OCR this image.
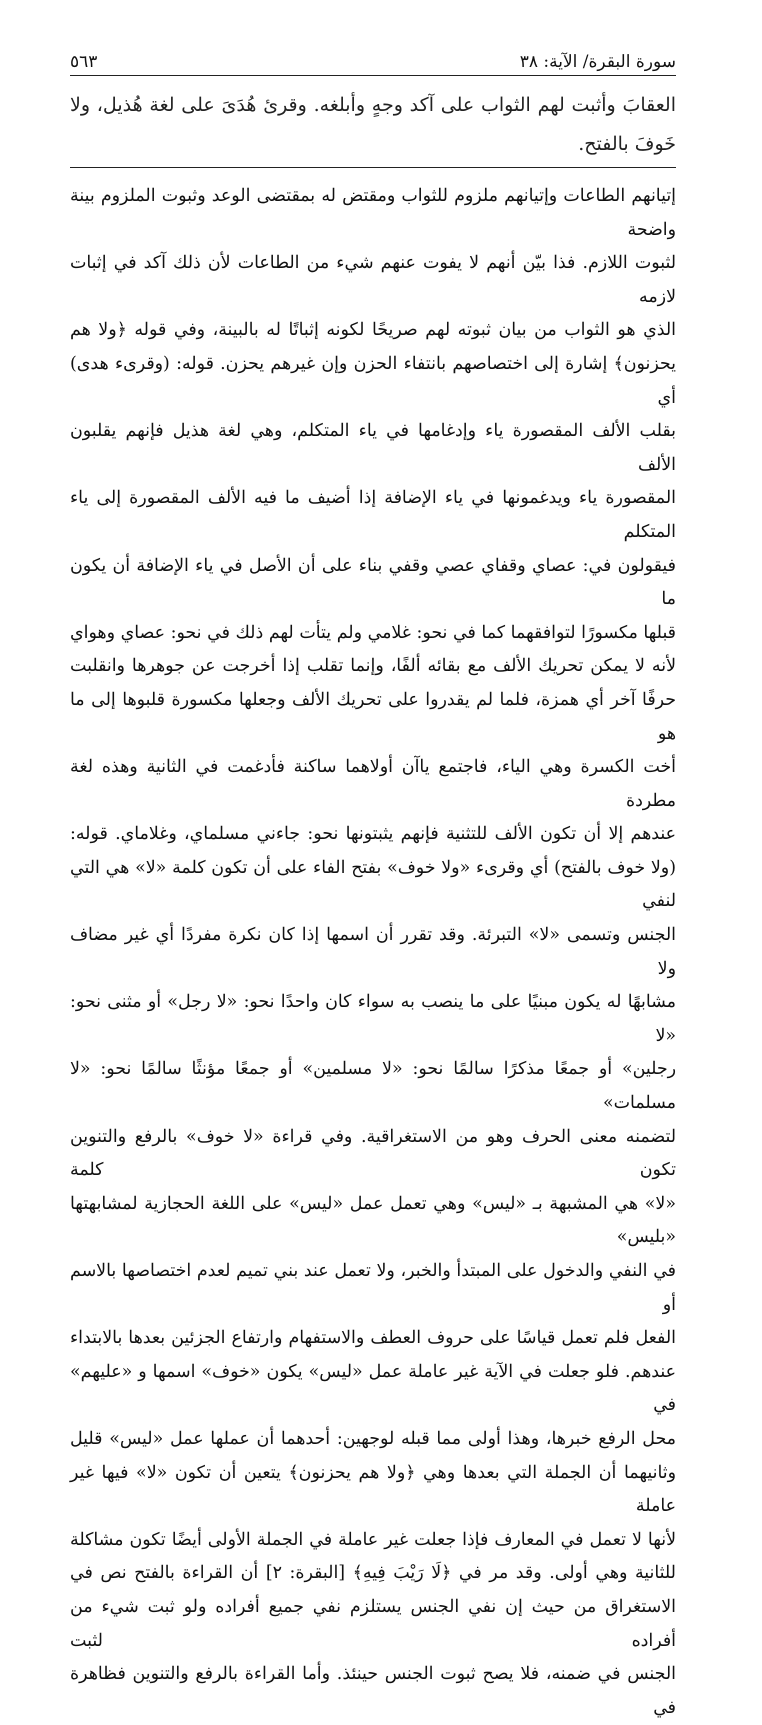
سورة البقرة/ الآية: ٣٨
٥٦٣
العقابَ وأثبت لهم الثواب على آكد وجهٍ وأبلغه. وقرئ هُدَىَ على لغة هُذيل، ولا خَوفَ بالفتح.

إتيانهم الطاعات وإتيانهم ملزوم للثواب ومقتض له بمقتضى الوعد وثبوت الملزوم بينة واضحة

لثبوت اللازم. فذا بيّن أنهم لا يفوت عنهم شيء من الطاعات لأن ذلك آكد في إثبات لازمه

الذي هو الثواب من بيان ثبوته لهم صريحًا لكونه إثباتًا له بالبينة، وفي قوله ﴿ولا هم

يحزنون﴾ إشارة إلى اختصاصهم بانتفاء الحزن وإن غيرهم يحزن. قوله: (وقرىء هدى) أي

بقلب الألف المقصورة ياء وإدغامها في ياء المتكلم، وهي لغة هذيل فإنهم يقلبون الألف

المقصورة ياء ويدغمونها في ياء الإضافة إذا أضيف ما فيه الألف المقصورة إلى ياء المتكلم

فيقولون في: عصاي وقفاي عصي وقفي بناء على أن الأصل في ياء الإضافة أن يكون ما

قبلها مكسورًا لتوافقهما كما في نحو: غلامي ولم يتأت لهم ذلك في نحو: عصاي وهواي

لأنه لا يمكن تحريك الألف مع بقائه ألفًا، وإنما تقلب إذا أخرجت عن جوهرها وانقلبت

حرفًا آخر أي همزة، فلما لم يقدروا على تحريك الألف وجعلها مكسورة قلبوها إلى ما هو

أخت الكسرة وهي الياء، فاجتمع ياآن أولاهما ساكنة فأدغمت في الثانية وهذه لغة مطردة

عندهم إلا أن تكون الألف للتثنية فإنهم يثبتونها نحو: جاءني مسلماي، وغلاماي. قوله:

(ولا خوف بالفتح) أي وقرىء «ولا خوف» بفتح الفاء على أن تكون كلمة «لا» هي التي لنفي

الجنس وتسمى «لا» التبرئة. وقد تقرر أن اسمها إذا كان نكرة مفردًا أي غير مضاف ولا

مشابهًا له يكون مبنيًا على ما ينصب به سواء كان واحدًا نحو: «لا رجل» أو مثنى نحو: «لا

رجلين» أو جمعًا مذكرًا سالمًا نحو: «لا مسلمين» أو جمعًا مؤنثًا سالمًا نحو: «لا مسلمات»

لتضمنه معنى الحرف وهو من الاستغراقية. وفي قراءة «لا خوف» بالرفع والتنوين تكون كلمة

«لا» هي المشبهة بـ «ليس» وهي تعمل عمل «ليس» على اللغة الحجازية لمشابهتها «بليس»

في النفي والدخول على المبتدأ والخبر، ولا تعمل عند بني تميم لعدم اختصاصها بالاسم أو

الفعل فلم تعمل قياسًا على حروف العطف والاستفهام وارتفاع الجزئين بعدها بالابتداء

عندهم. فلو جعلت في الآية غير عاملة عمل «ليس» يكون «خوف» اسمها و «عليهم» في

محل الرفع خبرها، وهذا أولى مما قبله لوجهين: أحدهما أن عملها عمل «ليس» قليل

وثانيهما أن الجملة التي بعدها وهي ﴿ولا هم يحزنون﴾ يتعين أن تكون «لا» فيها غير عاملة

لأنها لا تعمل في المعارف فإذا جعلت غير عاملة في الجملة الأولى أيضًا تكون مشاكلة

للثانية وهي أولى. وقد مر في ﴿لَا رَيْبَ فِيهِ﴾ [البقرة: ٢] أن القراءة بالفتح نص في

الاستغراق من حيث إن نفي الجنس يستلزم نفي جميع أفراده ولو ثبت شيء من أفراده لثبت

الجنس في ضمنه، فلا يصح ثبوت الجنس حينئذ. وأما القراءة بالرفع والتنوين فظاهرة في
